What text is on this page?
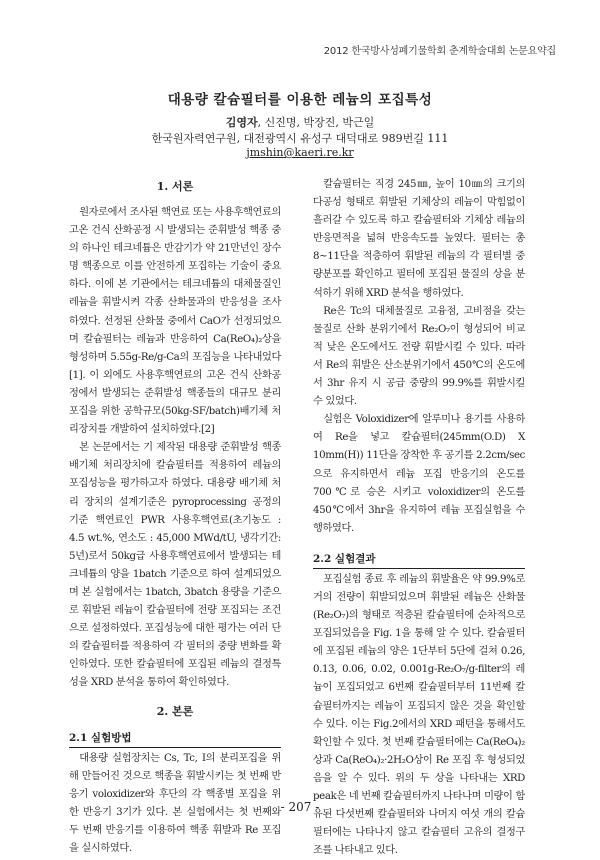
2012 한국방사성폐기물학회 춘계학술대회 논문요약집
대용량 칼슘필터를 이용한 레늄의 포집특성
김영자, 신진명, 박장진, 박근일
한국원자력연구원, 대전광역시 유성구 대덕대로 989번길 111
jmshin@kaeri.re.kr
1. 서론

원자로에서 조사된 핵연료 또는 사용후핵연료의 고온 건식 산화공정 시 발생되는 준휘발성 핵종 중의 하나인 테크네튬은 반감기가 약 21만년인 장수명 핵종으로 이를 안전하게 포집하는 기술이 중요하다. 이에 본 기관에서는 테크네튬의 대체물질인 레늄을 휘발시켜 각종 산화물과의 반응성을 조사하였다. 선정된 산화물 중에서 CaO가 선정되었으며 칼슘필터는 레늄과 반응하여 Ca(ReO₄)₂상을 형성하며 5.55g-Re/g-Ca의 포집능을 나타내었다[1]. 이 외에도 사용후핵연료의 고온 건식 산화공정에서 발생되는 준휘발성 핵종들의 대규모 분리포집을 위한 공학규모(50kg-SF/batch)배기체 처리장치를 개발하여 설치하였다.[2]

본 논문에서는 기 제작된 대용량 준휘발성 핵종 배기체 처리장치에 칼슘필터를 적용하여 레늄의 포집성능을 평가하고자 하였다. 대용량 배기체 처리 장치의 설계기준은 pyroprocessing 공정의 기준 핵연료인 PWR 사용후핵연료(초기농도 : 4.5 wt.%, 연소도 : 45,000 MWd/tU, 냉각기간: 5년)로서 50kg급 사용후핵연료에서 발생되는 테크네튬의 양을 1batch 기준으로 하여 설계되었으며 본 실험에서는 1batch, 3batch 용량을 기준으로 휘발된 레늄이 칼슘필터에 전량 포집되는 조건으로 설정하였다. 포집성능에 대한 평가는 여러 단의 칼슘필터를 적용하여 각 필터의 중량 변화를 확인하였다. 또한 칼슘필터에 포집된 레늄의 결정특성을 XRD 분석을 통하여 확인하였다.

2. 본론
2.1 실험방법

대용량 실험장치는 Cs, Tc, I의 분리포집을 위해 만들어진 것으로 핵종을 휘발시키는 첫 번째 반응기 voloxidizer와 후단의 각 핵종별 포집을 위한 반응기 3기가 있다. 본 실험에서는 첫 번째와 두 번째 반응기를 이용하여 핵종 휘발과 Re 포집을 실시하였다.

칼슘필터는 직경 245㎜, 높이 10㎜의 크기의 다공성 형태로 휘발된 기체상의 레늄이 막힘없이 흘러갈 수 있도록 하고 칼슘필터와 기체상 레늄의 반응면적을 넓혀 반응속도를 높였다. 필터는 총 8~11단을 적층하여 휘발된 레늄의 각 필터별 중량분포를 확인하고 필터에 포집된 물질의 상을 분석하기 위해 XRD 분석을 행하였다.

Re은 Tc의 대체물질로 고융점, 고비점을 갖는 물질로 산화 분위기에서 Re₂O₇이 형성되어 비교적 낮은 온도에서도 전량 휘발시킬 수 있다. 따라서 Re의 휘발은 산소분위기에서 450℃의 온도에서 3hr 유지 시 공급 중량의 99.9%를 휘발시킬 수 있었다.

실험은 Voloxidizer에 알루미나 용기를 사용하여 Re을 넣고 칼슘필터(245mm(O.D) X 10mm(H)) 11단을 장착한 후 공기를 2.2cm/sec으로 유지하면서 레늄 포집 반응기의 온도를 700℃로 승온 시키고 voloxidizer의 온도를 450℃에서 3hr을 유지하여 레늄 포집실험을 수행하였다.

2.2 실험결과

포집실험 종료 후 레늄의 휘발율은 약 99.9%로 거의 전량이 휘발되었으며 휘발된 레늄은 산화물(Re₂O₇)의 형태로 적층된 칼슘필터에 순차적으로 포집되었음을 Fig. 1을 통해 알 수 있다. 칼슘필터에 포집된 레늄의 양은 1단부터 5단에 걸쳐 0.26, 0.13, 0.06, 0.02, 0.001g-Re₂O₇/g-filter의 레늄이 포집되었고 6번째 칼슘필터부터 11번째 칼슘필터까지는 레늄이 포집되지 않은 것을 확인할 수 있다. 이는 Fig.2에서의 XRD 패턴을 통해서도 확인할 수 있다. 첫 번째 칼슘필터에는 Ca(ReO₄)₂상과 Ca(ReO₄)₂·2H₂O상이 Re 포집 후 형성되었음을 알 수 있다. 위의 두 상을 나타내는 XRD peak은 네 번째 칼슘필터까지 나타나며 미량이 함유된 다섯번째 칼슘필터와 나머지 여섯 개의 칼슘필터에는 나타나지 않고 칼슘필터 고유의 결정구조를 나타내고 있다.

- 207 -
